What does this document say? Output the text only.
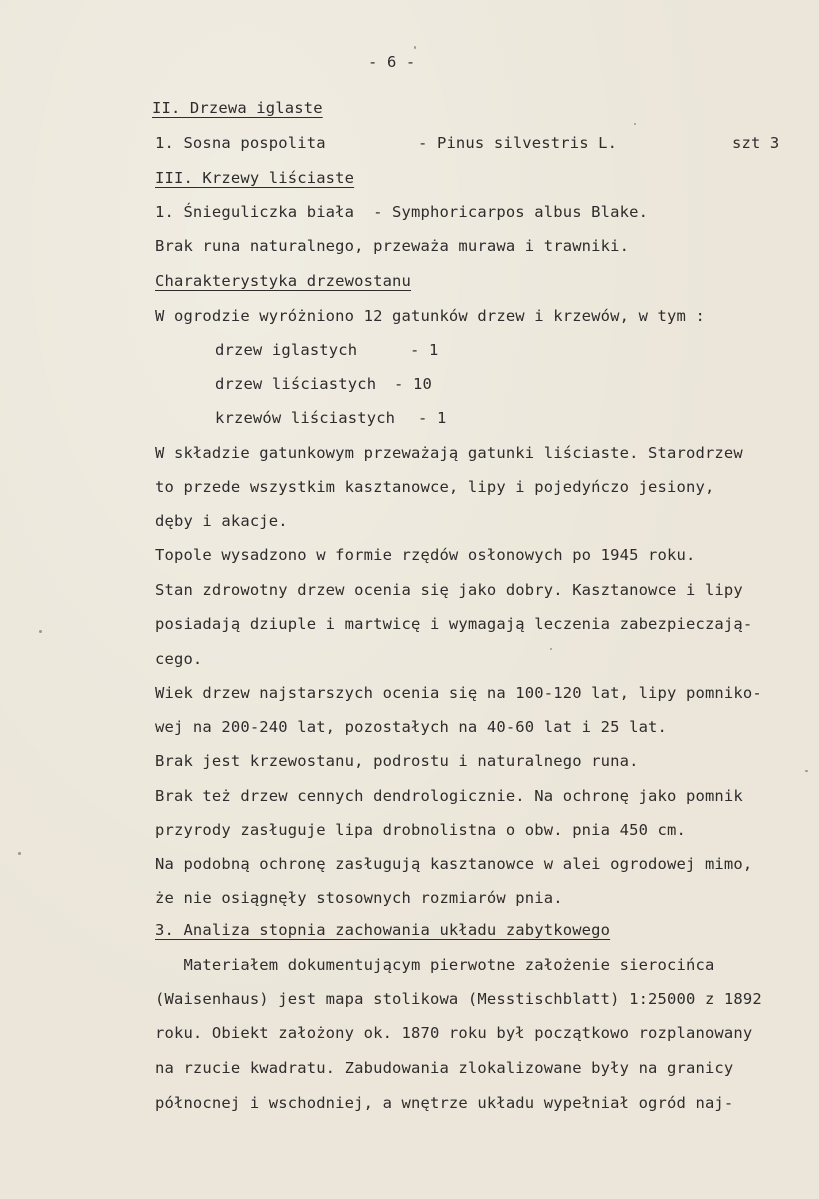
- 6 -
II. Drzewa iglaste
1. Sosna pospolita	- Pinus silvestris L.	szt 3
III. Krzewy liściaste
1. Śnieguliczka biała  - Symphoricarpos albus Blake.
Brak runa naturalnego, przeważa murawa i trawniki.
Charakterystyka drzewostanu
W ogrodzie wyróżniono 12 gatunków drzew i krzewów, w tym :
drzew iglastych	- 1
drzew liściastych - 10
krzewów liściastych - 1
W składzie gatunkowym przeważają gatunki liściaste. Starodrzew
to przede wszystkim kasztanowce, lipy i pojedyńczo jesiony,
dęby i akacje.
Topole wysadzono w formie rzędów osłonowych po 1945 roku.
Stan zdrowotny drzew ocenia się jako dobry. Kasztanowce i lipy
posiadają dziuple i martwicę i wymagają leczenia zabezpieczają-
cego.
Wiek drzew najstarszych ocenia się na 100-120 lat, lipy pomniko-
wej na 200-240 lat, pozostałych na 40-60 lat i 25 lat.
Brak jest krzewostanu, podrostu i naturalnego runa.
Brak też drzew cennych dendrologicznie. Na ochronę jako pomnik
przyrody zasługuje lipa drobnolistna o obw. pnia 450 cm.
Na podobną ochronę zasługują kasztanowce w alei ogrodowej mimo,
że nie osiągnęły stosownych rozmiarów pnia.
3. Analiza stopnia zachowania układu zabytkowego
Materiałem dokumentującym pierwotne założenie sierocińca
(Waisenhaus) jest mapa stolikowa (Messtischblatt) 1:25000 z 1892
roku. Obiekt założony ok. 1870 roku był początkowo rozplanowany
na rzucie kwadratu. Zabudowania zlokalizowane były na granicy
północnej i wschodniej, a wnętrze układu wypełniał ogród naj-
